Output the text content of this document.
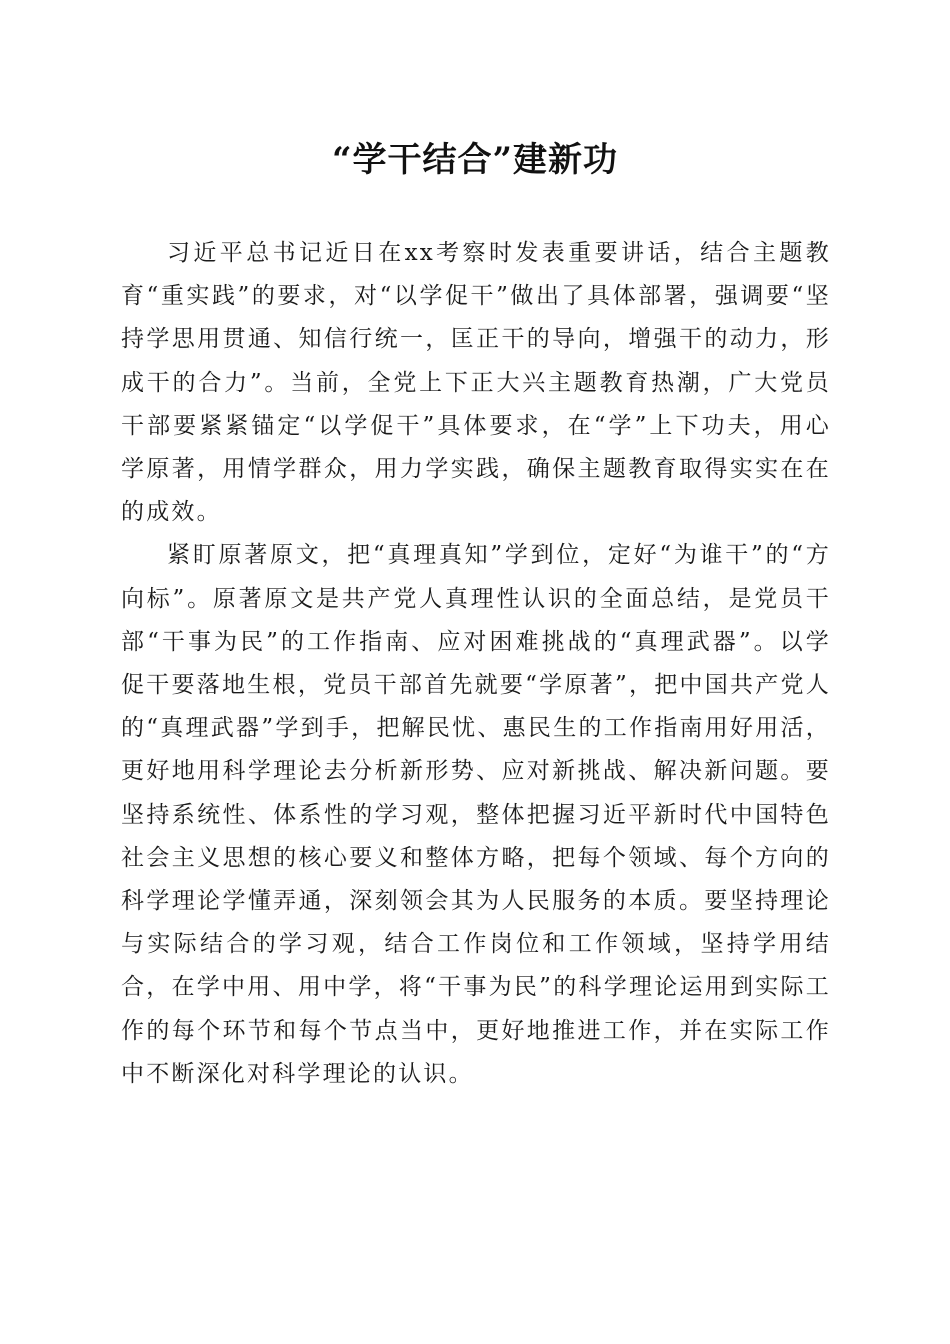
“学干结合”建新功

习近平总书记近日在xx考察时发表重要讲话，结合主题教育“重实践”的要求，对“以学促干”做出了具体部署，强调要“坚持学思用贯通、知信行统一，匡正干的导向，增强干的动力，形成干的合力”。当前，全党上下正大兴主题教育热潮，广大党员干部要紧紧锚定“以学促干”具体要求，在“学”上下功夫，用心学原著，用情学群众，用力学实践，确保主题教育取得实实在在的成效。

紧盯原著原文，把“真理真知”学到位，定好“为谁干”的“方向标”。原著原文是共产党人真理性认识的全面总结，是党员干部“干事为民”的工作指南、应对困难挑战的“真理武器”。以学促干要落地生根，党员干部首先就要“学原著”，把中国共产党人的“真理武器”学到手，把解民忧、惠民生的工作指南用好用活，更好地用科学理论去分析新形势、应对新挑战、解决新问题。要坚持系统性、体系性的学习观，整体把握习近平新时代中国特色社会主义思想的核心要义和整体方略，把每个领域、每个方向的科学理论学懂弄通，深刻领会其为人民服务的本质。要坚持理论与实际结合的学习观，结合工作岗位和工作领域，坚持学用结合，在学中用、用中学，将“干事为民”的科学理论运用到实际工作的每个环节和每个节点当中，更好地推进工作，并在实际工作中不断深化对科学理论的认识。
